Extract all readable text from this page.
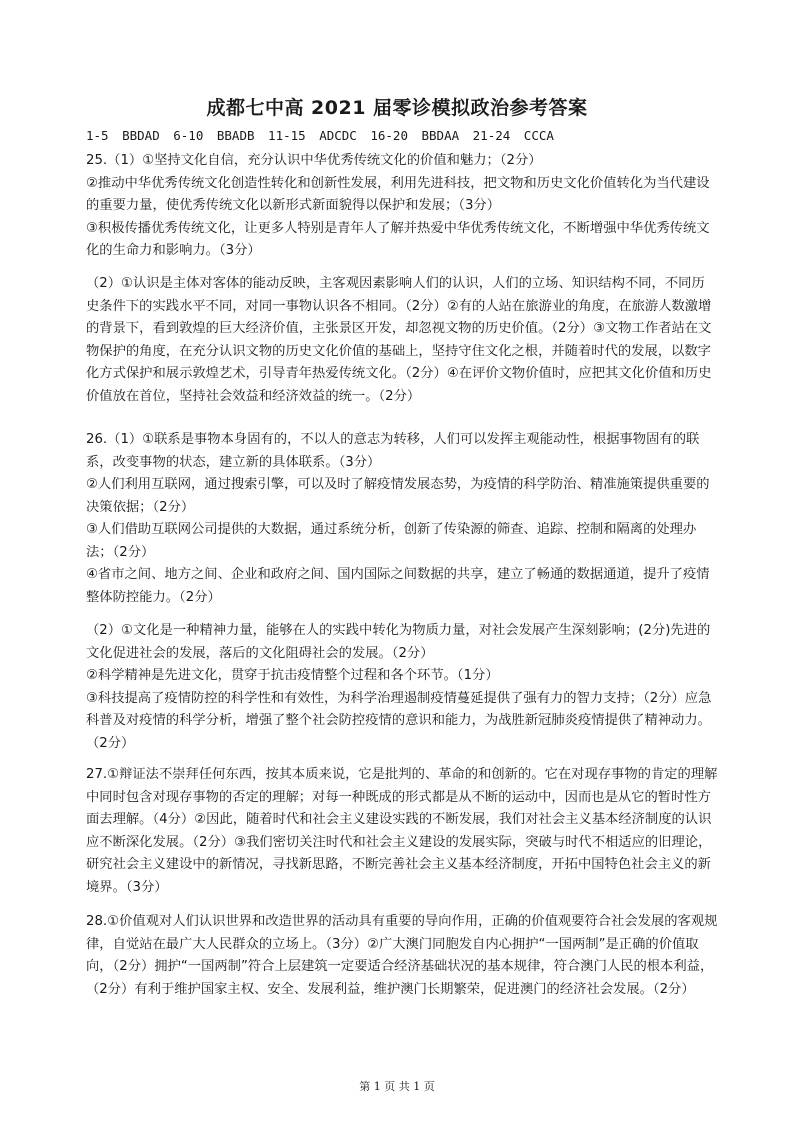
成都七中高 2021 届零诊模拟政治参考答案
1-5 BBDAD 6-10 BBADB 11-15 ADCDC 16-20 BBDAA 21-24 CCCA

25.（1）①坚持文化自信，充分认识中华优秀传统文化的价值和魅力；（2分）

②推动中华优秀传统文化创造性转化和创新性发展，利用先进科技，把文物和历史文化价值转化为当代建设的重要力量，使优秀传统文化以新形式新面貌得以保护和发展；（3分）

③积极传播优秀传统文化，让更多人特别是青年人了解并热爱中华优秀传统文化，不断增强中华优秀传统文化的生命力和影响力。（3分）

（2）①认识是主体对客体的能动反映，主客观因素影响人们的认识，人们的立场、知识结构不同，不同历史条件下的实践水平不同，对同一事物认识各不相同。（2分）②有的人站在旅游业的角度，在旅游人数激增的背景下，看到敦煌的巨大经济价值，主张景区开发，却忽视文物的历史价值。（2分）③文物工作者站在文物保护的角度，在充分认识文物的历史文化价值的基础上，坚持守住文化之根，并随着时代的发展，以数字化方式保护和展示敦煌艺术，引导青年热爱传统文化。（2分）④在评价文物价值时，应把其文化价值和历史价值放在首位，坚持社会效益和经济效益的统一。（2分）

26.（1）①联系是事物本身固有的，不以人的意志为转移，人们可以发挥主观能动性，根据事物固有的联系，改变事物的状态，建立新的具体联系。（3分）

②人们利用互联网，通过搜索引擎，可以及时了解疫情发展态势，为疫情的科学防治、精准施策提供重要的决策依据；（2分）

③人们借助互联网公司提供的大数据，通过系统分析，创新了传染源的筛查、追踪、控制和隔离的处理办法；（2分）

④省市之间、地方之间、企业和政府之间、国内国际之间数据的共享，建立了畅通的数据通道，提升了疫情整体防控能力。（2分）

（2）①文化是一种精神力量，能够在人的实践中转化为物质力量，对社会发展产生深刻影响；(2分)先进的文化促进社会的发展，落后的文化阻碍社会的发展。（2分）

②科学精神是先进文化，贯穿于抗击疫情整个过程和各个环节。（1分）

③科技提高了疫情防控的科学性和有效性，为科学治理遏制疫情蔓延提供了强有力的智力支持；（2分）应急科普及对疫情的科学分析，增强了整个社会防控疫情的意识和能力，为战胜新冠肺炎疫情提供了精神动力。（2分）

27.①辩证法不崇拜任何东西，按其本质来说，它是批判的、革命的和创新的。它在对现存事物的肯定的理解中同时包含对现存事物的否定的理解；对每一种既成的形式都是从不断的运动中，因而也是从它的暂时性方面去理解。（4分）②因此，随着时代和社会主义建设实践的不断发展，我们对社会主义基本经济制度的认识应不断深化发展。（2分）③我们密切关注时代和社会主义建设的发展实际，突破与时代不相适应的旧理论，研究社会主义建设中的新情况，寻找新思路，不断完善社会主义基本经济制度，开拓中国特色社会主义的新境界。（3分）

28.①价值观对人们认识世界和改造世界的活动具有重要的导向作用，正确的价值观要符合社会发展的客观规律，自觉站在最广大人民群众的立场上。（3分）②广大澳门同胞发自内心拥护“一国两制”是正确的价值取向，（2分）拥护“一国两制”符合上层建筑一定要适合经济基础状况的基本规律，符合澳门人民的根本利益，（2分）有利于维护国家主权、安全、发展利益，维护澳门长期繁荣，促进澳门的经济社会发展。（2分）

第 1 页 共 1 页
